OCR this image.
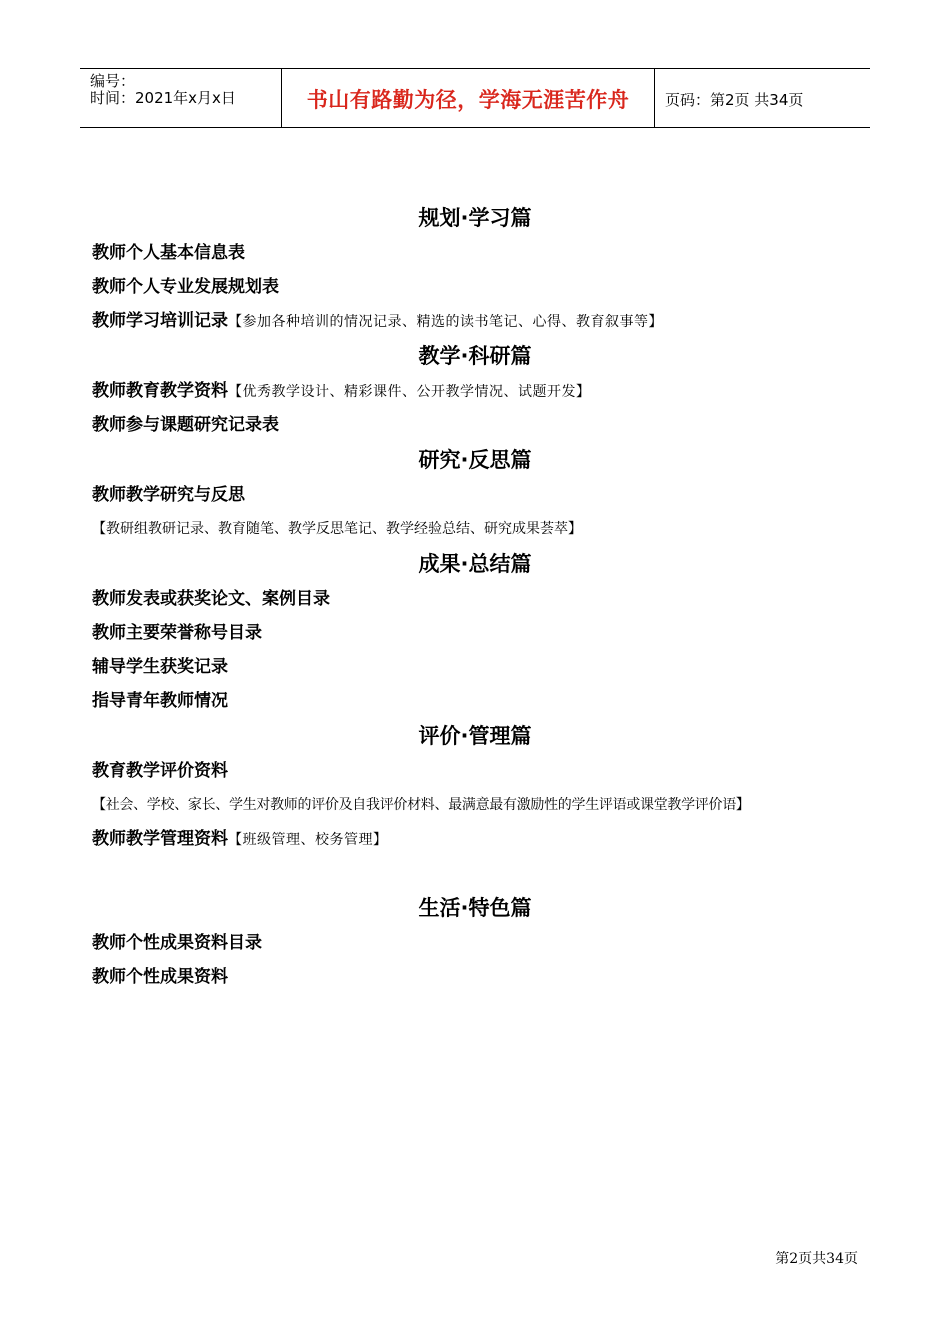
编号：
时间：2021年x月x日	书山有路勤为径，学海无涯苦作舟	页码：第2页 共34页
规划·学习篇
教师个人基本信息表
教师个人专业发展规划表
教师学习培训记录【参加各种培训的情况记录、精选的读书笔记、心得、教育叙事等】
教学·科研篇
教师教育教学资料【优秀教学设计、精彩课件、公开教学情况、试题开发】
教师参与课题研究记录表
研究·反思篇
教师教学研究与反思
【教研组教研记录、教育随笔、教学反思笔记、教学经验总结、研究成果荟萃】
成果·总结篇
教师发表或获奖论文、案例目录
教师主要荣誉称号目录
辅导学生获奖记录
指导青年教师情况
评价·管理篇
教育教学评价资料
【社会、学校、家长、学生对教师的评价及自我评价材料、最满意最有激励性的学生评语或课堂教学评价语】
教师教学管理资料【班级管理、校务管理】
生活·特色篇
教师个性成果资料目录
教师个性成果资料
第2页共34页
